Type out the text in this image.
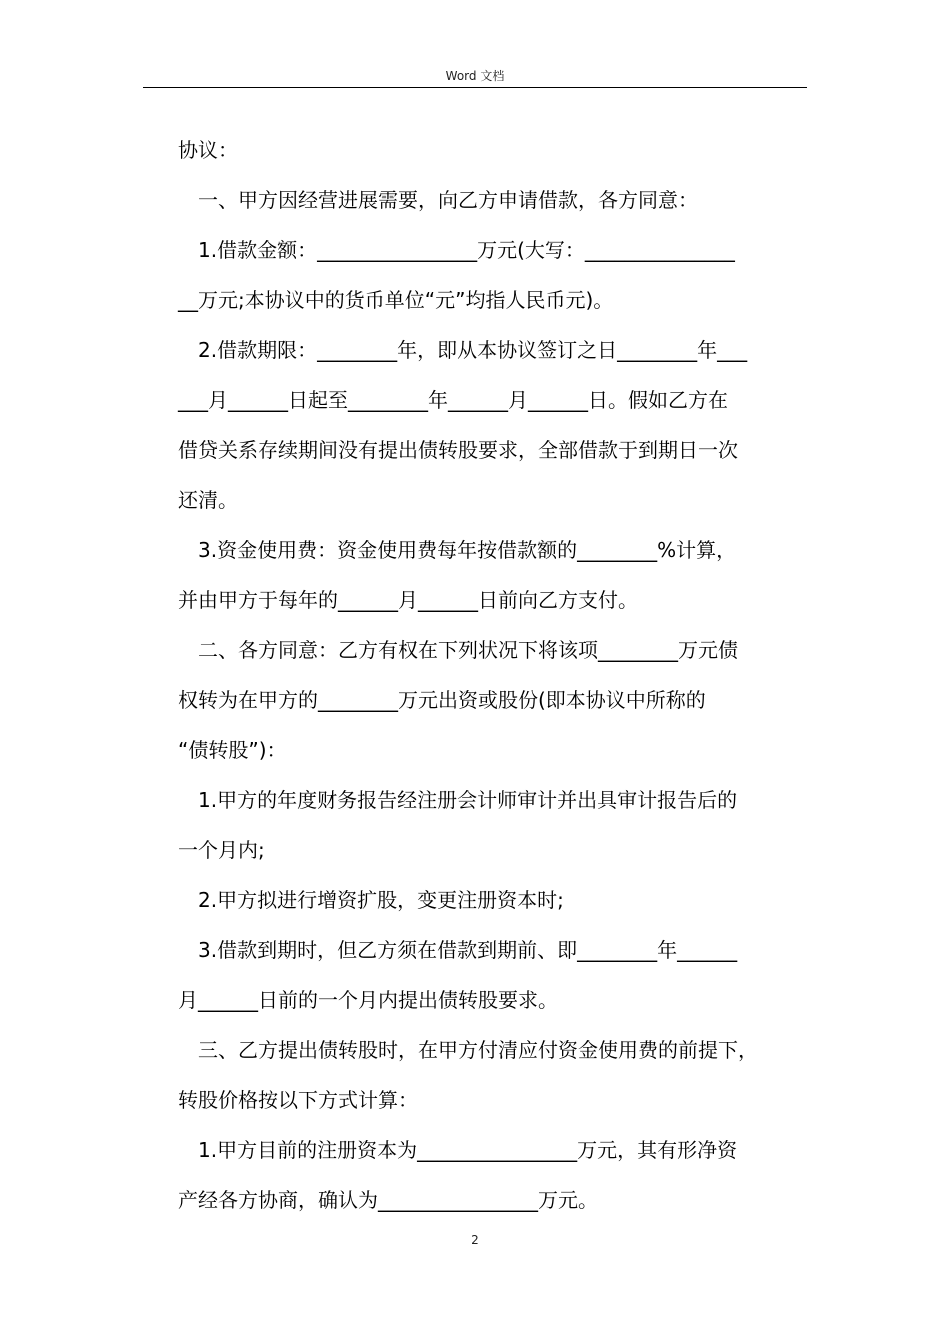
Word 文档
协议：
一、甲方因经营进展需要，向乙方申请借款，各方同意：
1.借款金额：________________万元(大写：_______________
__万元;本协议中的货币单位“元”均指人民币元)。
2.借款期限：________年，即从本协议签订之日________年___
___月______日起至________年______月______日。假如乙方在
借贷关系存续期间没有提出债转股要求，全部借款于到期日一次
还清。
3.资金使用费：资金使用费每年按借款额的________%计算，
并由甲方于每年的______月______日前向乙方支付。
二、各方同意：乙方有权在下列状况下将该项________万元债
权转为在甲方的________万元出资或股份(即本协议中所称的
“债转股”)：
1.甲方的年度财务报告经注册会计师审计并出具审计报告后的
一个月内;
2.甲方拟进行增资扩股，变更注册资本时;
3.借款到期时，但乙方须在借款到期前、即________年______
月______日前的一个月内提出债转股要求。
三、乙方提出债转股时，在甲方付清应付资金使用费的前提下，
转股价格按以下方式计算：
1.甲方目前的注册资本为________________万元，其有形净资
产经各方协商，确认为________________万元。
2
